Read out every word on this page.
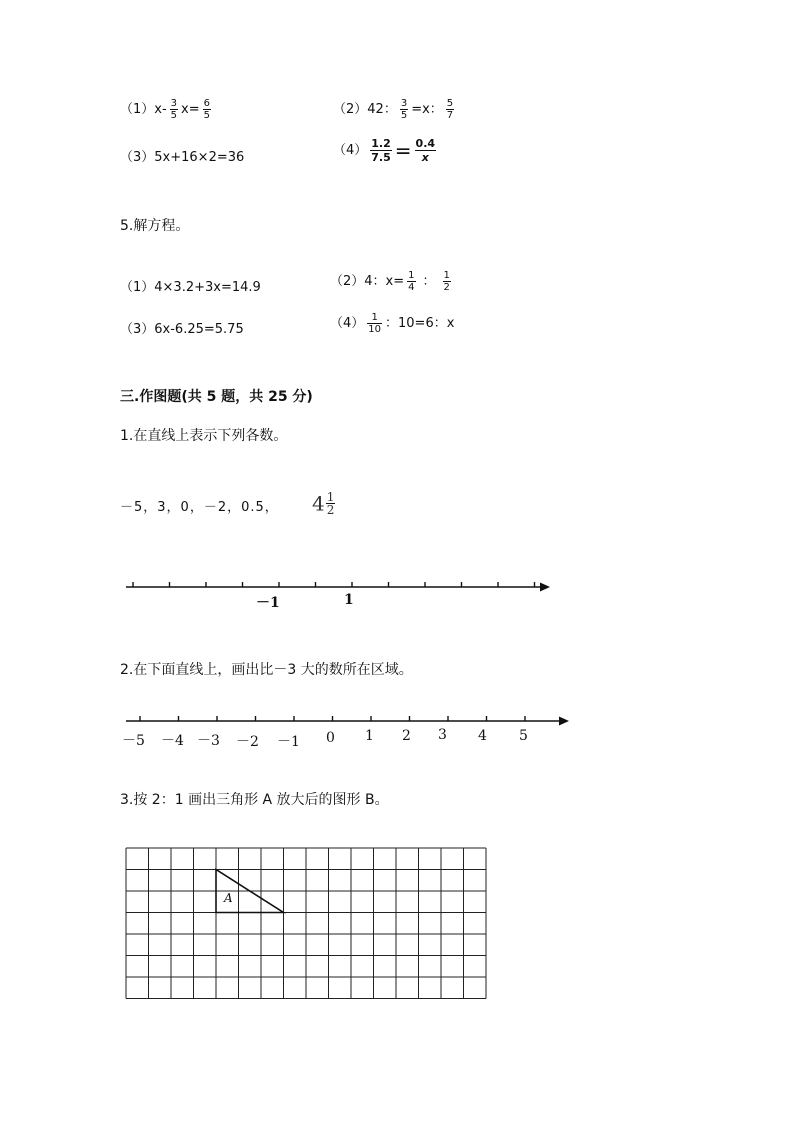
$(1)x- \frac{3}{5} x= \frac{6}{5}$	（2）42： $\frac{3}{5} =x$： $\frac{5}{7}$
（3）5x+16×2=36	$(4) \frac{1.2}{7.5} = \frac{0.4}{x}$
5.解方程。
（1）4×3.2+3x=14.9	（2）4：$x= \frac{1}{4}$ ： $\frac{1}{2}$
（3）6x-6.25=5.75	$(4) \frac{1}{10}$ ：10=6：x
三.作图题(共 5 题，共 25 分)
1.在直线上表示下列各数。
－5，3，0，－2，0.5， $4 \frac{1}{2}$
－1	1
2.在下面直线上，画出比－3 大的数所在区域。
－5 －4 －3 －2 －1 0 1 2 3 4 5
3.按 2：1 画出三角形 A 放大后的图形 B。
A
